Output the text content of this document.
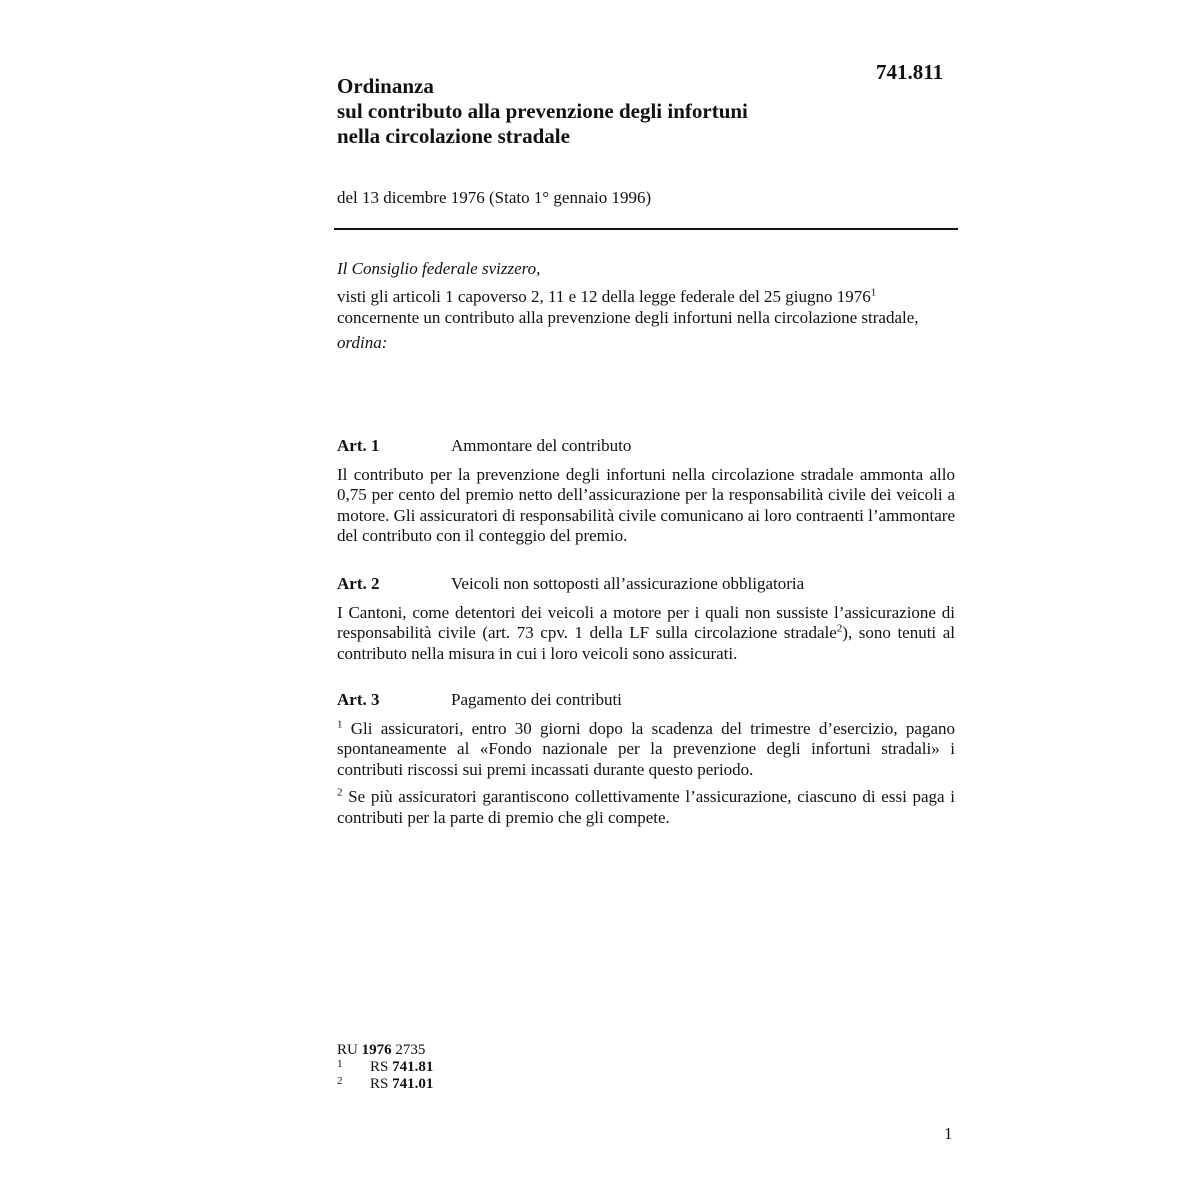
741.811
Ordinanza
sul contributo alla prevenzione degli infortuni
nella circolazione stradale
del 13 dicembre 1976 (Stato 1° gennaio 1996)
Il Consiglio federale svizzero,
visti gli articoli 1 capoverso 2, 11 e 12 della legge federale del 25 giugno 1976$^1$ concernente un contributo alla prevenzione degli infortuni nella circolazione stradale,
ordina:
Art. 1	Ammontare del contributo

Il contributo per la prevenzione degli infortuni nella circolazione stradale ammonta allo 0,75 per cento del premio netto dell’assicurazione per la responsabilità civile dei veicoli a motore. Gli assicuratori di responsabilità civile comunicano ai loro contraenti l’ammontare del contributo con il conteggio del premio.

Art. 2	Veicoli non sottoposti all’assicurazione obbligatoria

I Cantoni, come detentori dei veicoli a motore per i quali non sussiste l’assicurazione di responsabilità civile (art. 73 cpv. 1 della LF sulla circolazione stradale$^2$), sono tenuti al contributo nella misura in cui i loro veicoli sono assicurati.

Art. 3	Pagamento dei contributi

$^1$ Gli assicuratori, entro 30 giorni dopo la scadenza del trimestre d’esercizio, pagano spontaneamente al «Fondo nazionale per la prevenzione degli infortuni stradali» i contributi riscossi sui premi incassati durante questo periodo.

$^2$ Se più assicuratori garantiscono collettivamente l’assicurazione, ciascuno di essi paga i contributi per la parte di premio che gli compete.

RU 1976 2735
1	RS 741.81
2	RS 741.01
1
